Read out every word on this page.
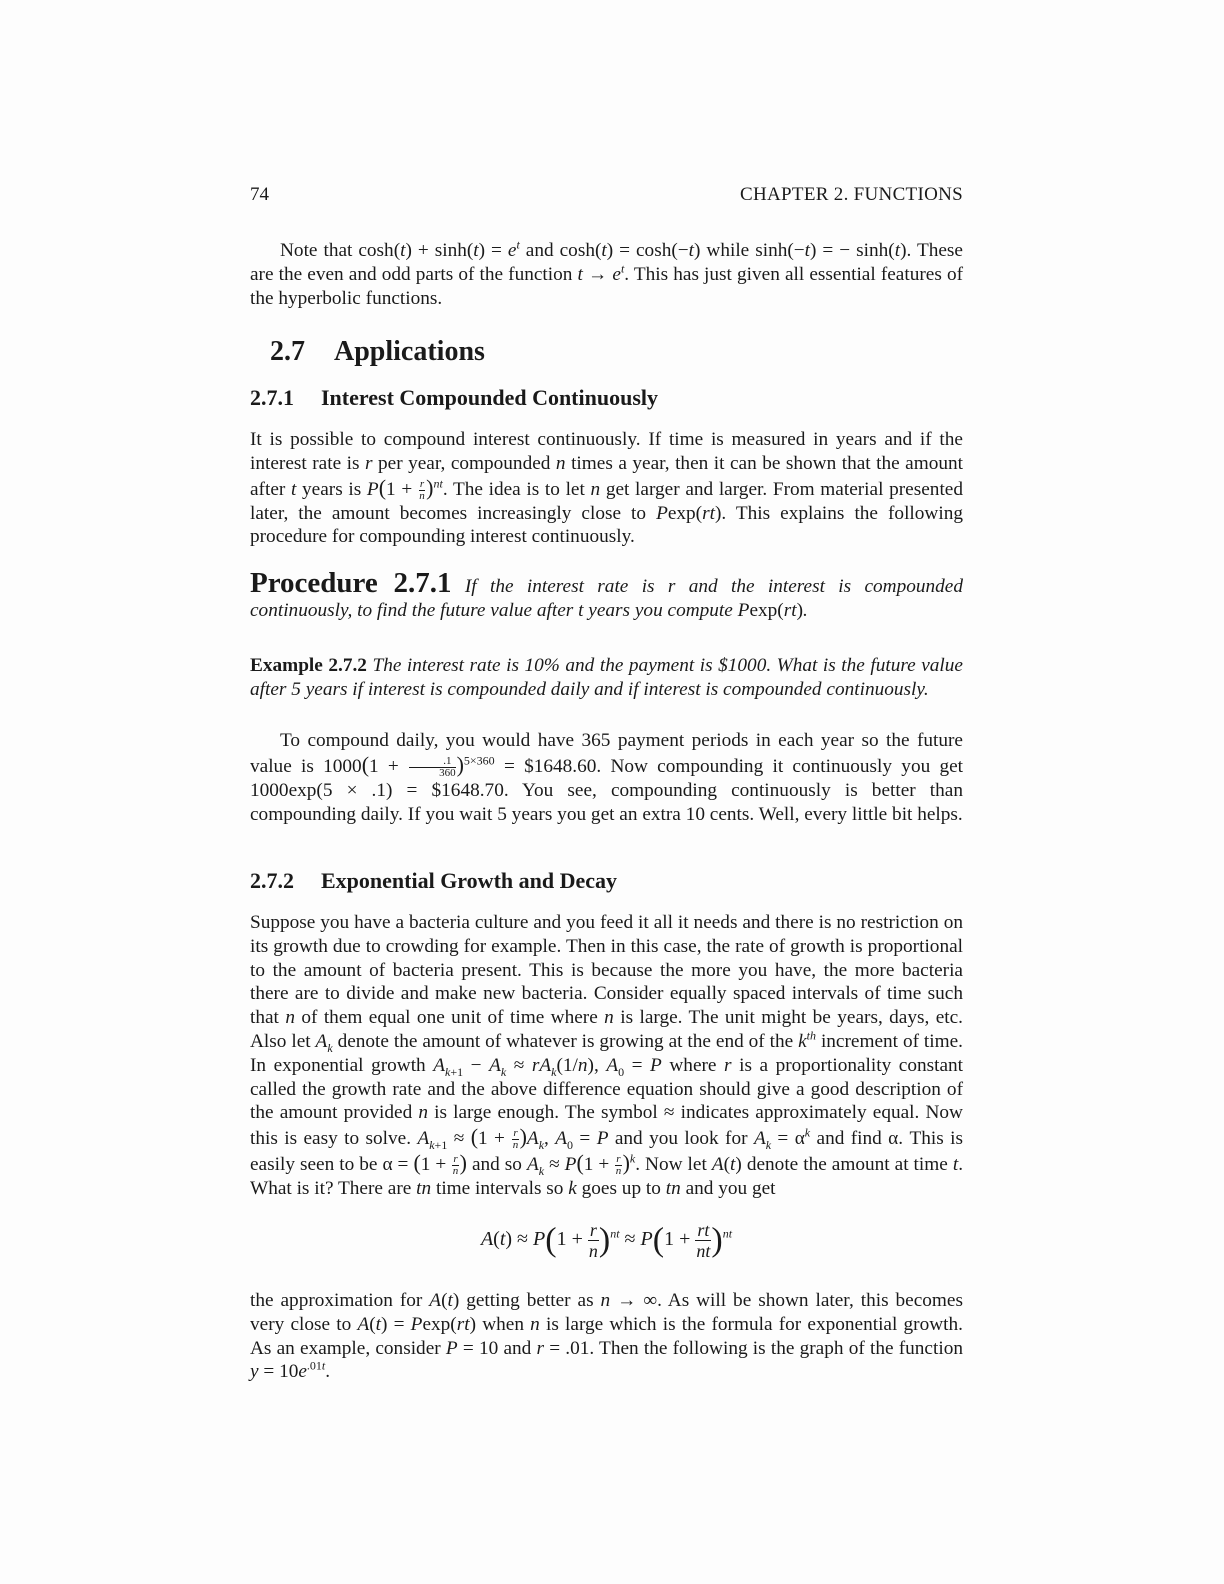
74	CHAPTER 2. FUNCTIONS
Note that $\cosh(t) + \sinh(t) = e^t$ and cosh(t) = cosh(−t) while sinh(−t) = − sinh(t). These are the even and odd parts of the function $t \to e^t$. This has just given all essential features of the hyperbolic functions.
2.7 Applications
2.7.1 Interest Compounded Continuously
It is possible to compound interest continuously. If time is measured in years and if the interest rate is r per year, compounded n times a year, then it can be shown that the amount after t years is $P(1 + \frac{r}{n} )^{nt}$. The idea is to let n get larger and larger. From material presented later, the amount becomes increasingly close to Pexp(rt). This explains the following procedure for compounding interest continuously.
Procedure 2.7.1 If the interest rate is r and the interest is compounded continuously, to find the future value after t years you compute Pexp(rt).
Example 2.7.2 The interest rate is 10% and the payment is $1000. What is the future value after 5 years if interest is compounded daily and if interest is compounded continuously.
To compound daily, you would have 365 payment periods in each year so the future value is $1000(1 + \frac{.1}{360} )^{5\times 360}$ = $1648.60. Now compounding it continuously you get 1000exp(5 × .1) = $1648.70. You see, compounding continuously is better than compounding daily. If you wait 5 years you get an extra 10 cents. Well, every little bit helps.
2.7.2 Exponential Growth and Decay
Suppose you have a bacteria culture and you feed it all it needs and there is no restriction on its growth due to crowding for example. Then in this case, the rate of growth is proportional to the amount of bacteria present. This is because the more you have, the more bacteria there are to divide and make new bacteria. Consider equally spaced intervals of time such that n of them equal one unit of time where n is large. The unit might be years, days, etc. Also let $A_k$ denote the amount of whatever is growing at the end of the $k^{th}$ increment of time. In exponential growth $A_{k+1} - A_k \approx rA_k(1/n)$, $A_0 = P$ where r is a proportionality constant called the growth rate and the above difference equation should give a good description of the amount provided n is large enough. The symbol ≈ indicates approximately equal. Now this is easy to solve. $A_{k+1} \approx (1 + \frac{r}{n} )A_k$, $A_0 = P$ and you look for $A_k = \alpha^k$ and find α. This is easily seen to be $\alpha = (1 + \frac{r}{n}$ ) and so $A_k \approx P(1 + \frac{r}{n} )^k$. Now let A(t) denote the amount at time t. What is it? There are tn time intervals so k goes up to tn and you get
$A(t) \approx P(1 + \frac{r}{n} )^{nt} \approx P(1 + \frac{rt}{nt} )^{nt}$
the approximation for A(t) getting better as n → ∞. As will be shown later, this becomes very close to A(t) = Pexp(rt) when n is large which is the formula for exponential growth. As an example, consider P = 10 and r = .01. Then the following is the graph of the function $y = 10e^{.01t}$.
